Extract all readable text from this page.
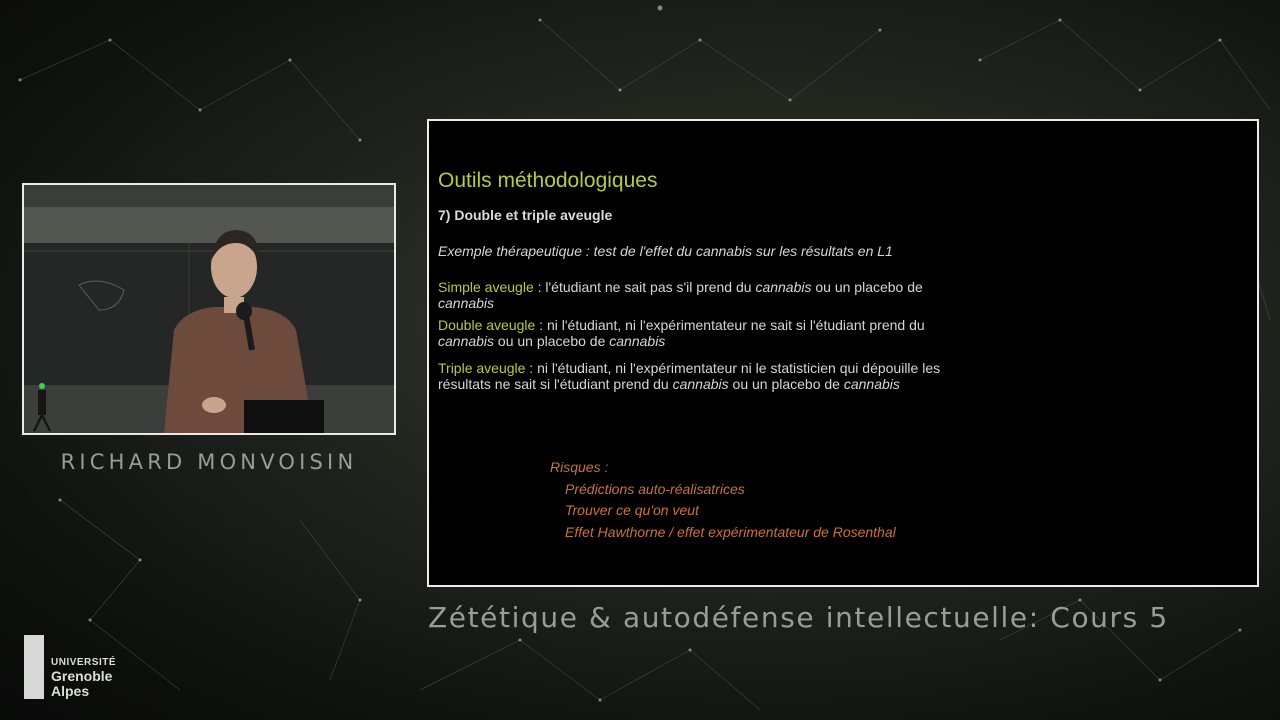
RICHARD MONVOISIN
Outils méthodologiques
7) Double et triple aveugle
Exemple thérapeutique : test de l'effet du cannabis sur les résultats en L1
Simple aveugle : l'étudiant ne sait pas s'il prend du cannabis ou un placebo de
cannabis
Double aveugle : ni l'étudiant, ni l'expérimentateur ne sait si l'étudiant prend du
cannabis ou un placebo de cannabis
Triple aveugle : ni l'étudiant, ni l'expérimentateur ni le statisticien qui dépouille les
résultats ne sait si l'étudiant prend du cannabis ou un placebo de cannabis
Risques :
Prédictions auto-réalisatrices
Trouver ce qu'on veut
Effet Hawthorne / effet expérimentateur de Rosenthal
Zététique & autodéfense intellectuelle: Cours 5
UNIVERSITÉ
Grenoble
Alpes
